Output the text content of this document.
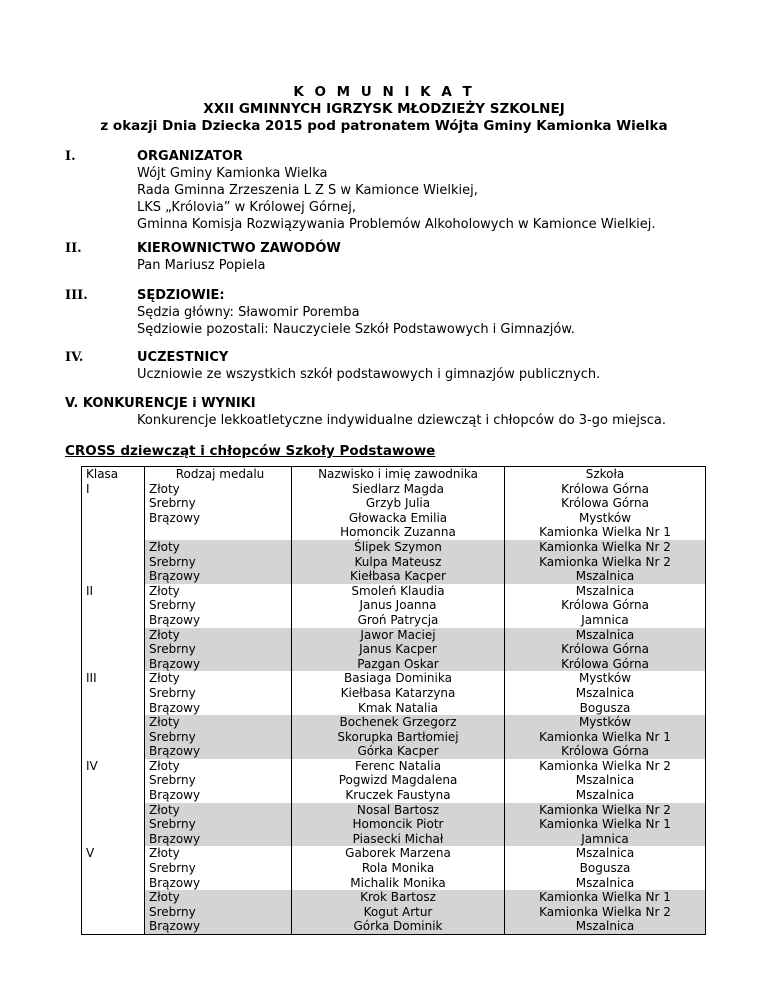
K O M U N I K A T
XXII GMINNYCH IGRZYSK MŁODZIEŻY SZKOLNEJ
z okazji Dnia Dziecka 2015 pod patronatem Wójta Gminy Kamionka Wielka
I.	ORGANIZATOR
Wójt Gminy Kamionka Wielka
Rada Gminna Zrzeszenia L Z S w Kamionce Wielkiej,
LKS „Królovia” w Królowej Górnej,
Gminna Komisja Rozwiązywania Problemów Alkoholowych w Kamionce Wielkiej.
II.	KIEROWNICTWO ZAWODÓW
Pan Mariusz Popiela
III.	SĘDZIOWIE:
Sędzia główny: Sławomir Poremba
Sędziowie pozostali: Nauczyciele Szkół Podstawowych i Gimnazjów.
IV.	UCZESTNICY
Uczniowie ze wszystkich szkół podstawowych i gimnazjów publicznych.
V. KONKURENCJE i WYNIKI
Konkurencje lekkoatletyczne indywidualne dziewcząt i chłopców do 3-go miejsca.
CROSS dziewcząt i chłopców Szkoły Podstawowe
Klasa	Rodzaj medalu	Nazwisko i imię zawodnika	Szkoła
I	Złoty	Siedlarz Magda	Królowa Górna
	Srebrny	Grzyb Julia	Królowa Górna
	Brązowy	Głowacka Emilia	Mystków
		Homoncik Zuzanna	Kamionka Wielka Nr 1
	Złoty	Ślipek Szymon	Kamionka Wielka Nr 2
	Srebrny	Kulpa Mateusz	Kamionka Wielka Nr 2
	Brązowy	Kiełbasa Kacper	Mszalnica
II	Złoty	Smoleń Klaudia	Mszalnica
	Srebrny	Janus Joanna	Królowa Górna
	Brązowy	Groń Patrycja	Jamnica
	Złoty	Jawor Maciej	Mszalnica
	Srebrny	Janus Kacper	Królowa Górna
	Brązowy	Pazgan Oskar	Królowa Górna
III	Złoty	Basiaga Dominika	Mystków
	Srebrny	Kiełbasa Katarzyna	Mszalnica
	Brązowy	Kmak Natalia	Bogusza
	Złoty	Bochenek Grzegorz	Mystków
	Srebrny	Skorupka Bartłomiej	Kamionka Wielka Nr 1
	Brązowy	Górka Kacper	Królowa Górna
IV	Złoty	Ferenc Natalia	Kamionka Wielka Nr 2
	Srebrny	Pogwizd Magdalena	Mszalnica
	Brązowy	Kruczek Faustyna	Mszalnica
	Złoty	Nosal Bartosz	Kamionka Wielka Nr 2
	Srebrny	Homoncik Piotr	Kamionka Wielka Nr 1
	Brązowy	Piasecki Michał	Jamnica
V	Złoty	Gaborek Marzena	Mszalnica
	Srebrny	Rola Monika	Bogusza
	Brązowy	Michalik Monika	Mszalnica
	Złoty	Krok Bartosz	Kamionka Wielka Nr 1
	Srebrny	Kogut Artur	Kamionka Wielka Nr 2
	Brązowy	Górka Dominik	Mszalnica
